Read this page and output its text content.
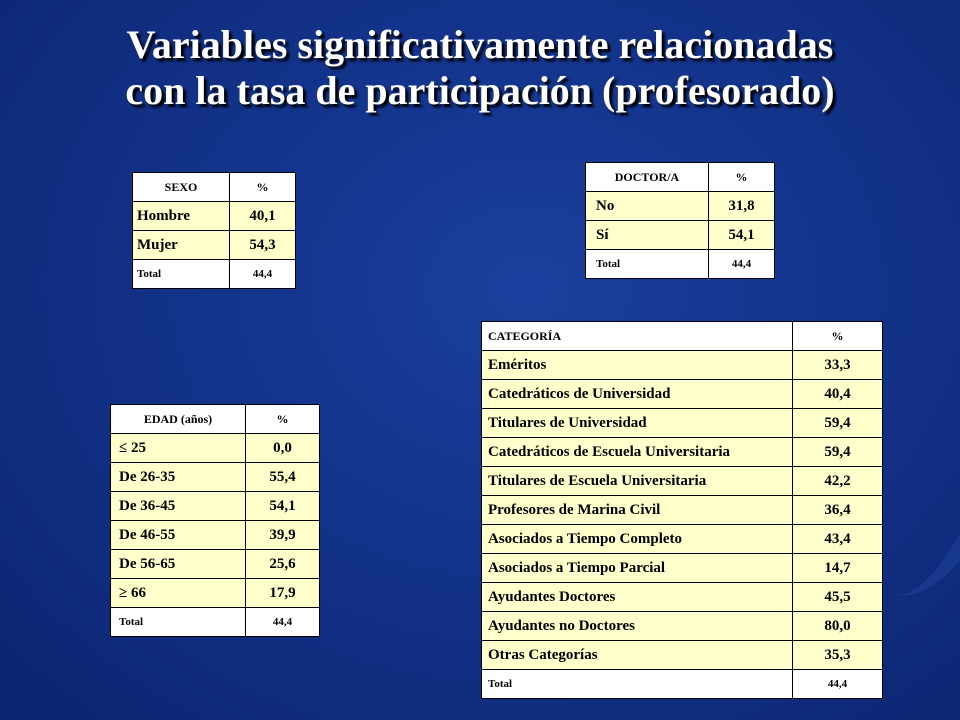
Variables significativamente relacionadas
con la tasa de participación (profesorado)
SEXO	%
Hombre	40,1
Mujer	54,3
Total	44,4
DOCTOR/A	%
No	31,8
Sí	54,1
Total	44,4
EDAD (años)	%
≤ 25	0,0
De 26-35	55,4
De 36-45	54,1
De 46-55	39,9
De 56-65	25,6
≥ 66	17,9
Total	44,4
CATEGORÍA	%
Eméritos	33,3
Catedráticos de Universidad	40,4
Titulares de Universidad	59,4
Catedráticos de Escuela Universitaria	59,4
Titulares de Escuela Universitaria	42,2
Profesores de Marina Civil	36,4
Asociados a Tiempo Completo	43,4
Asociados a Tiempo Parcial	14,7
Ayudantes Doctores	45,5
Ayudantes no Doctores	80,0
Otras Categorías	35,3
Total	44,4
